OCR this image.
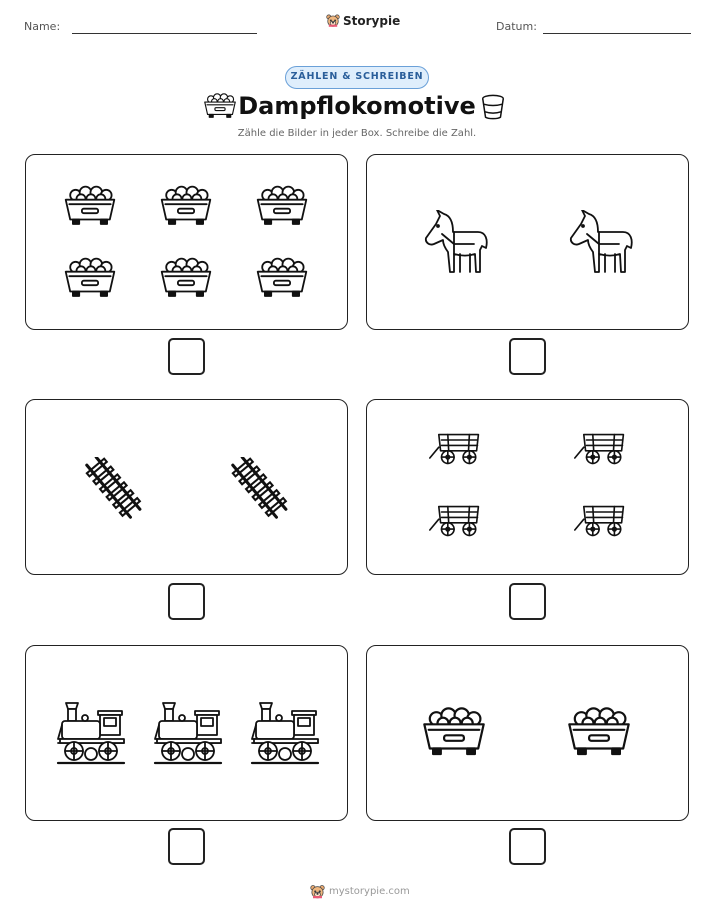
Name:	Storypie	Datum:
ZÄHLEN & SCHREIBEN
Dampflokomotive
Zähle die Bilder in jeder Box. Schreibe die Zahl.
mystorypie.com
